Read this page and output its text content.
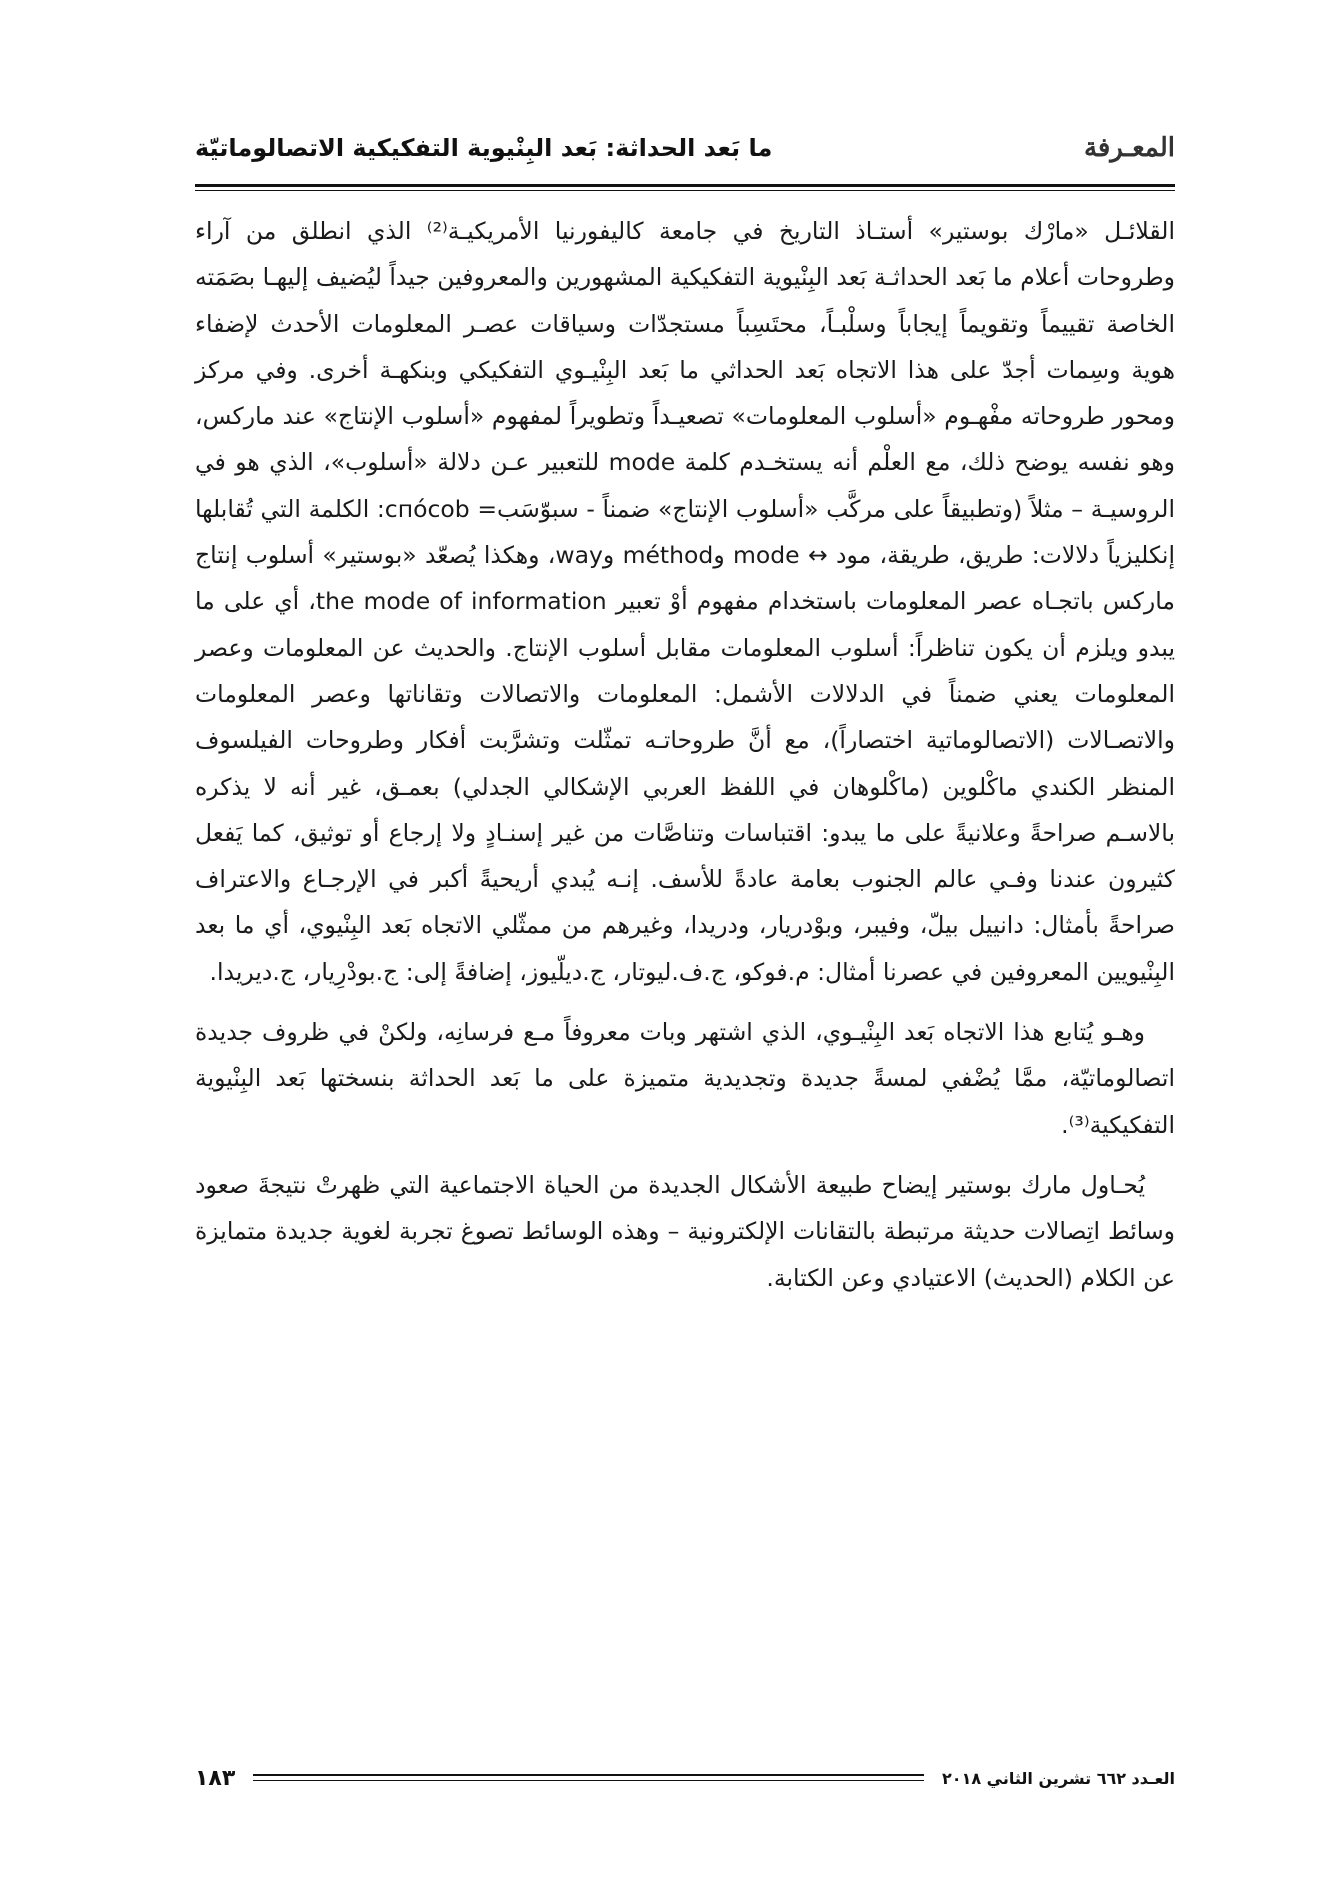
المعـرفة
ما بَعد الحداثة: بَعد البِنْيوية التفكيكية الاتصالوماتيّة

القلائـل «مارْك بوستير» أستـاذ التاريخ في جامعة كاليفورنيا الأمريكيـة⁽²⁾ الذي انطلق من آراء وطروحات أعلام ما بَعد الحداثـة بَعد البِنْيوية التفكيكية المشهورين والمعروفين جيداً ليُضيف إليهـا بصَمَته الخاصة تقييماً وتقويماً إيجاباً وسلْبـاً، محتَسِباً مستجدّات وسياقات عصـر المعلومات الأحدث لإضفاء هوية وسِمات أجدّ على هذا الاتجاه بَعد الحداثي ما بَعد البِنْيـوي التفكيكي وبنكهـة أخرى. وفي مركز ومحور طروحاته مفْهـوم «أسلوب المعلومات» تصعيـداً وتطويراً لمفهوم «أسلوب الإنتاج» عند ماركس، وهو نفسه يوضح ذلك، مع العلْم أنه يستخـدم كلمة mode للتعبير عـن دلالة «أسلوب»، الذي هو في الروسيـة – مثلاً (وتطبيقاً على مركَّب «أسلوب الإنتاج» ضمناً - سبوّسَب= cпóсob: الكلمة التي تُقابلها إنكليزياً دلالات: طريق، طريقة، مود ↔ mode وméthod وway، وهكذا يُصعّد «بوستير» أسلوب إنتاج ماركس باتجـاه عصر المعلومات باستخدام مفهوم أوْ تعبير the mode of information، أي على ما يبدو ويلزم أن يكون تناظراً: أسلوب المعلومات مقابل أسلوب الإنتاج. والحديث عن المعلومات وعصر المعلومات يعني ضمناً في الدلالات الأشمل: المعلومات والاتصالات وتقاناتها وعصر المعلومات والاتصـالات (الاتصالوماتية اختصاراً)، مع أنَّ طروحاتـه تمثّلت وتشرَّبت أفكار وطروحات الفيلسوف المنظر الكندي ماكْلوين (ماكْلوهان في اللفظ العربي الإشكالي الجدلي) بعمـق، غير أنه لا يذكره بالاسـم صراحةً وعلانيةً على ما يبدو: اقتباسات وتناصَّات من غير إسنـادٍ ولا إرجاع أو توثيق، كما يَفعل كثيرون عندنا وفـي عالم الجنوب بعامة عادةً للأسف. إنـه يُبدي أريحيةً أكبر في الإرجـاع والاعتراف صراحةً بأمثال: دانييل بيلّ، وفيبر، وبوْدريار، ودريدا، وغيرهم من ممثّلي الاتجاه بَعد البِنْيوي، أي ما بعد البِنْيويين المعروفين في عصرنا أمثال: م.فوكو، ج.ف.ليوتار، ج.ديلّيوز، إضافةً إلى: ج.بودْرِيار، ج.ديريدا.

وهـو يُتابع هذا الاتجاه بَعد البِنْيـوي، الذي اشتهر وبات معروفاً مـع فرسانِه، ولكنْ في ظروف جديدة اتصالوماتيّة، ممَّا يُضْفي لمسةً جديدة وتجديدية متميزة على ما بَعد الحداثة بنسختها بَعد البِنْيوية التفكيكية⁽³⁾.

يُحـاول مارك بوستير إيضاح طبيعة الأشكال الجديدة من الحياة الاجتماعية التي ظهرتْ نتيجةَ صعود وسائط اتِصالات حديثة مرتبطة بالتقانات الإلكترونية – وهذه الوسائط تصوغ تجربة لغوية جديدة متمايزة عن الكلام (الحديث) الاعتيادي وعن الكتابة.

العـدد ٦٦٢ تشرين الثاني ٢٠١٨
١٨٣
